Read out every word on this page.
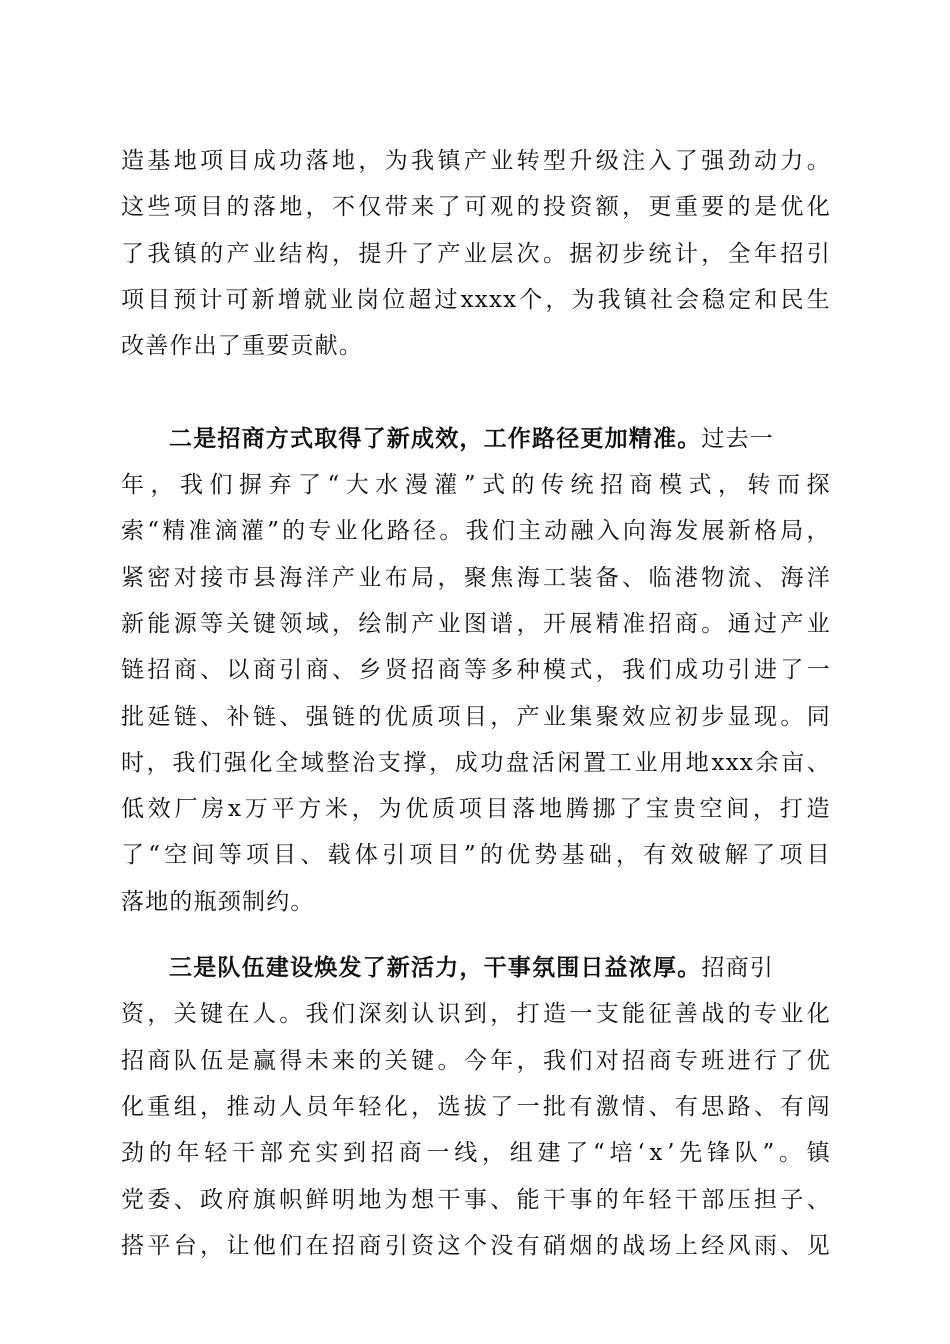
造 基 地 项 目 成 功 落 地 ， 为 我 镇 产 业 转 型 升 级 注 入 了 强 劲 动 力 。
这 些 项 目 的 落 地 ， 不 仅 带 来 了 可 观 的 投 资 额 ， 更 重 要 的 是 优 化
了 我 镇 的 产 业 结 构 ， 提 升 了 产 业 层 次 。 据 初 步 统 计 ， 全 年 招 引
项 目 预 计 可 新 增 就 业 岗 位 超 过 xxxx 个 ， 为 我 镇 社 会 稳 定 和 民 生
改善作出了重要贡献。
二是招商方式取得了新成效，工作路径更加精准。过去一
年 ， 我 们 摒 弃 了 “ 大 水 漫 灌 ” 式 的 传 统 招 商 模 式 ， 转 而 探
索 “ 精 准 滴 灌 ” 的 专 业 化 路 径 。 我 们 主 动 融 入 向 海 发 展 新 格 局 ，
紧 密 对 接 市 县 海 洋 产 业 布 局 ， 聚 焦 海 工 装 备 、 临 港 物 流 、 海 洋
新 能 源 等 关 键 领 域 ， 绘 制 产 业 图 谱 ， 开 展 精 准 招 商 。 通 过 产 业
链 招 商 、 以 商 引 商 、 乡 贤 招 商 等 多 种 模 式 ， 我 们 成 功 引 进 了 一
批 延 链 、 补 链 、 强 链 的 优 质 项 目 ， 产 业 集 聚 效 应 初 步 显 现 。 同
时 ， 我 们 强 化 全 域 整 治 支 撑 ， 成 功 盘 活 闲 置 工 业 用 地 xxx 余 亩 、
低 效 厂 房 x 万 平 方 米 ， 为 优 质 项 目 落 地 腾 挪 了 宝 贵 空 间 ， 打 造
了 “ 空 间 等 项 目 、 载 体 引 项 目 ” 的 优 势 基 础 ， 有 效 破 解 了 项 目
落地的瓶颈制约。
三是队伍建设焕发了新活力，干事氛围日益浓厚。招商引
资 ， 关 键 在 人 。 我 们 深 刻 认 识 到 ， 打 造 一 支 能 征 善 战 的 专 业 化
招 商 队 伍 是 赢 得 未 来 的 关 键 。 今 年 ， 我 们 对 招 商 专 班 进 行 了 优
化 重 组 ， 推 动 人 员 年 轻 化 ， 选 拔 了 一 批 有 激 情 、 有 思 路 、 有 闯
劲 的 年 轻 干 部 充 实 到 招 商 一 线 ， 组 建 了 “ 培 ‘ x ’ 先 锋 队 ” 。 镇
党 委 、 政 府 旗 帜 鲜 明 地 为 想 干 事 、 能 干 事 的 年 轻 干 部 压 担 子 、
搭 平 台 ， 让 他 们 在 招 商 引 资 这 个 没 有 硝 烟 的 战 场 上 经 风 雨 、 见
